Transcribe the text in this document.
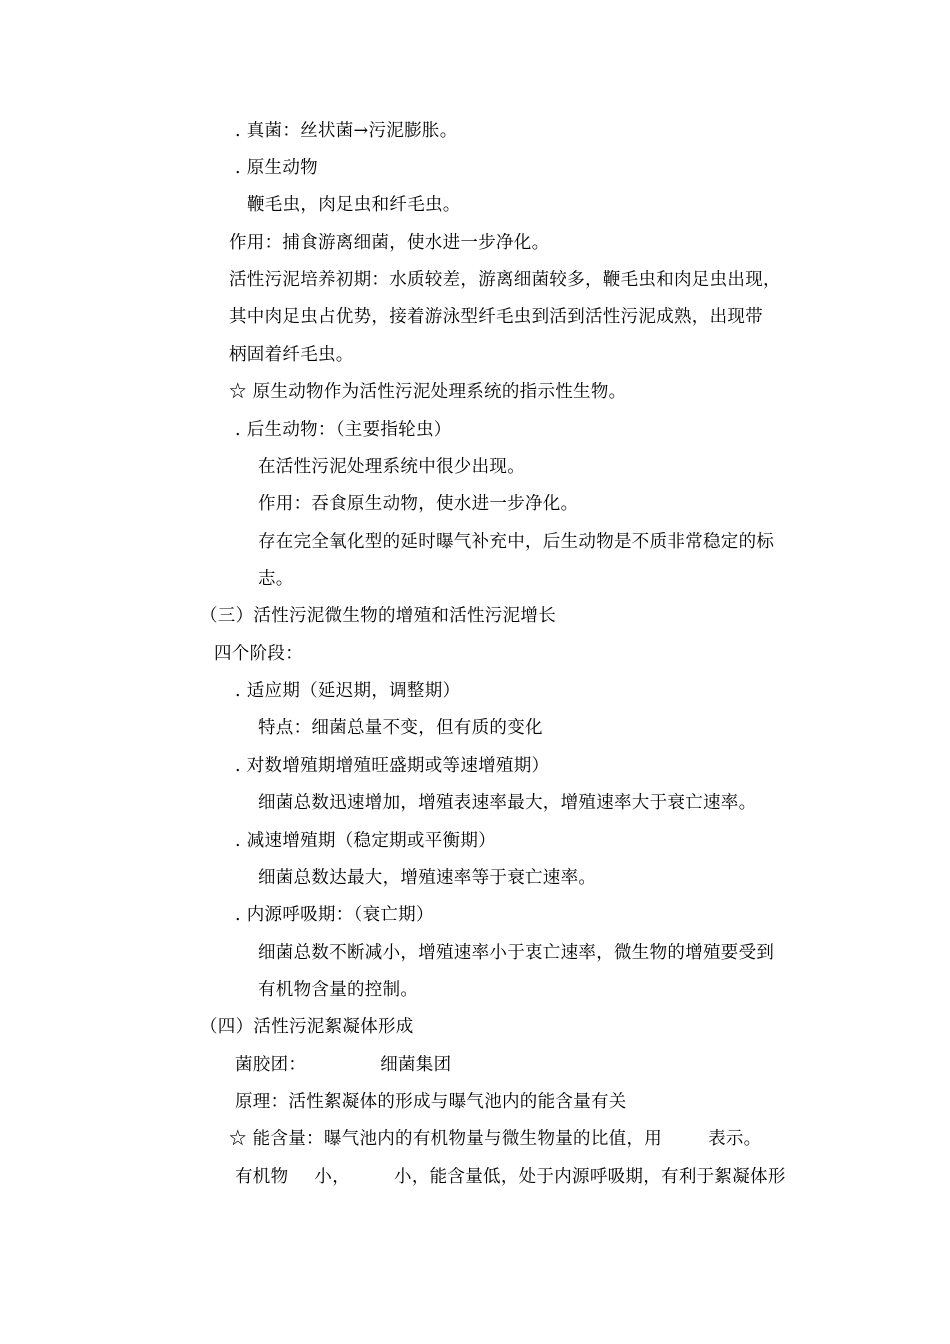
. 真菌：丝状菌→污泥膨胀。
. 原生动物
鞭毛虫，肉足虫和纤毛虫。
作用：捕食游离细菌，使水进一步净化。
活性污泥培养初期：水质较差，游离细菌较多，鞭毛虫和肉足虫出现，
其中肉足虫占优势，接着游泳型纤毛虫到活到活性污泥成熟，出现带
柄固着纤毛虫。
☆ 原生动物作为活性污泥处理系统的指示性生物。
. 后生动物：（主要指轮虫）
在活性污泥处理系统中很少出现。
作用：吞食原生动物，使水进一步净化。
存在完全氧化型的延时曝气补充中，后生动物是不质非常稳定的标
志。
（三）活性污泥微生物的增殖和活性污泥增长
四个阶段：
. 适应期（延迟期，调整期）
特点：细菌总量不变，但有质的变化
. 对数增殖期增殖旺盛期或等速增殖期）
细菌总数迅速增加，增殖表速率最大，增殖速率大于衰亡速率。
. 减速增殖期（稳定期或平衡期）
细菌总数达最大，增殖速率等于衰亡速率。
. 内源呼吸期：（衰亡期）
细菌总数不断减小，增殖速率小于衷亡速率，微生物的增殖要受到
有机物含量的控制。
（四）活性污泥絮凝体形成
菌胶团：	细菌集团
原理：活性絮凝体的形成与曝气池内的能含量有关
☆ 能含量：曝气池内的有机物量与微生物量的比值，用	表示。
有机物 小，	小，能含量低，处于内源呼吸期，有利于絮凝体形
